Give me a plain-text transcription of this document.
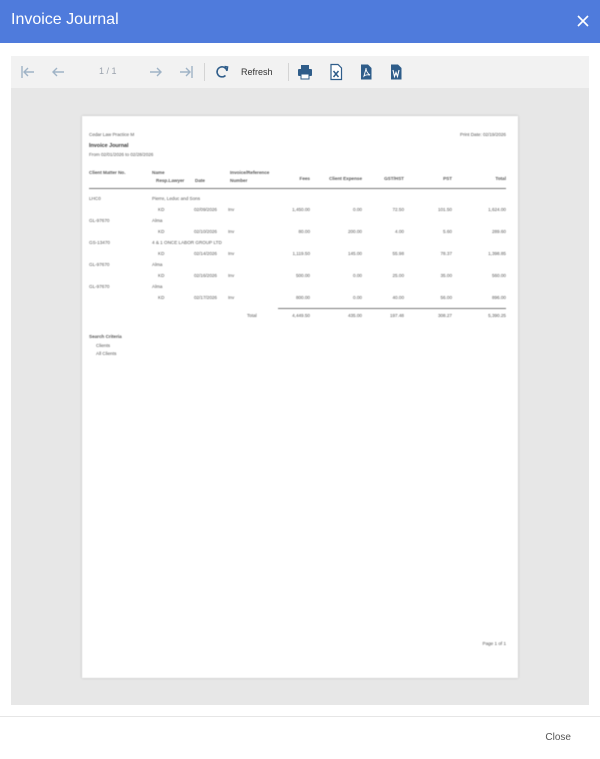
Invoice Journal
1 / 1	Refresh
Cedar Law Practice M	Print Date: 02/19/2026
Invoice Journal
From 02/01/2026 to 02/28/2026
Client Matter No.	Name	Invoice/Reference
Resp.Lawyer Date	Number	Fees	Client Expense	GST/HST	PST	Total
LHC0	Pierre, Leduc and Sons
KD	02/09/2026 Inv	1,450.00	0.00	72.50	101.50	1,624.00
GL-97670	Alma
KD	02/10/2026 Inv	80.00	200.00	4.00	5.60	289.60
GS-13470	4 & 1 ONCE LABOR GROUP LTD
KD	02/14/2026 Inv	1,119.50	145.00	55.98	78.37	1,398.85
GL-97670	Alma
KD	02/16/2026 Inv	500.00	0.00	25.00	35.00	560.00
GL-97670	Alma
KD	02/17/2026 Inv	800.00	0.00	40.00	56.00	896.00
Total	4,449.50	435.00	197.48	308.27	5,390.25
Search Criteria
Clients
All Clients
Page 1 of 1
Close
